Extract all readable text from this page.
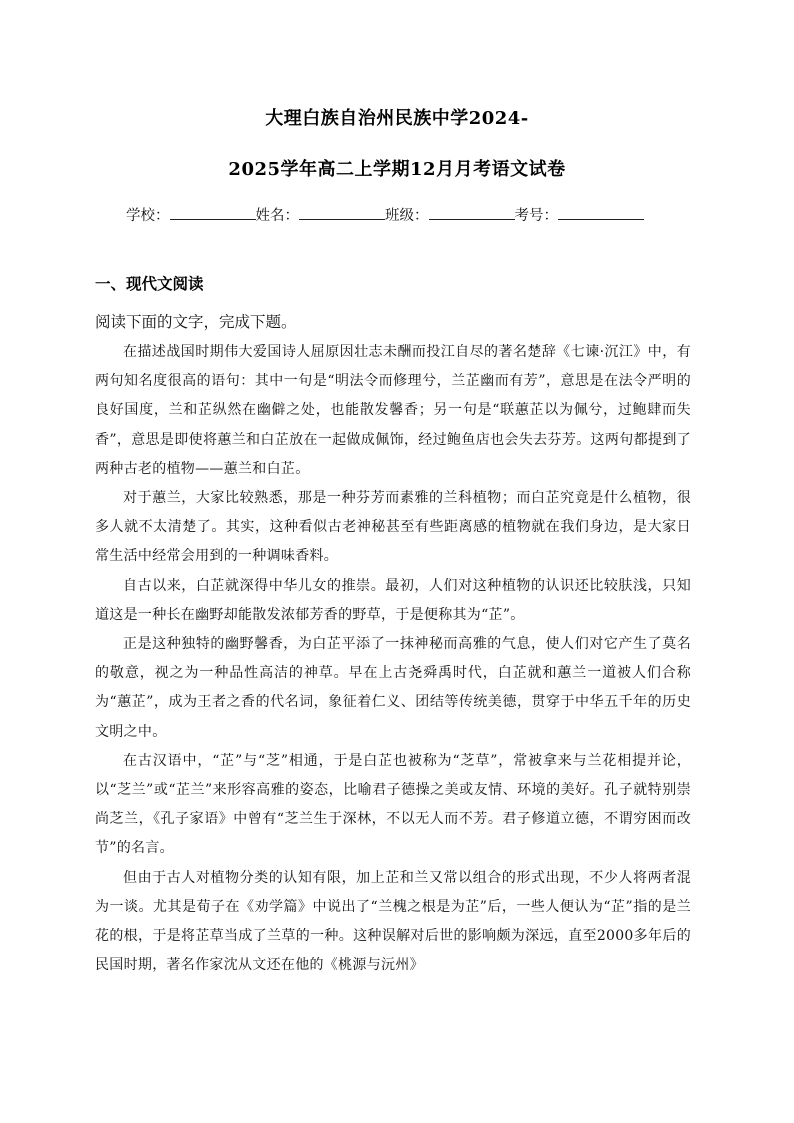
大理白族自治州民族中学2024-
2025学年高二上学期12月月考语文试卷
学校：	姓名：	班级：	考号：
一、现代文阅读
阅读下面的文字，完成下题。

在描述战国时期伟大爱国诗人屈原因壮志未酬而投江自尽的著名楚辞《七谏·沉江》中，有两句知名度很高的语句：其中一句是“明法令而修理兮，兰芷幽而有芳”，意思是在法令严明的良好国度，兰和芷纵然在幽僻之处，也能散发馨香；另一句是“联蕙芷以为佩兮，过鲍肆而失香”，意思是即使将蕙兰和白芷放在一起做成佩饰，经过鲍鱼店也会失去芬芳。这两句都提到了两种古老的植物——蕙兰和白芷。

对于蕙兰，大家比较熟悉，那是一种芬芳而素雅的兰科植物；而白芷究竟是什么植物，很多人就不太清楚了。其实，这种看似古老神秘甚至有些距离感的植物就在我们身边，是大家日常生活中经常会用到的一种调味香料。

自古以来，白芷就深得中华儿女的推崇。最初，人们对这种植物的认识还比较肤浅，只知道这是一种长在幽野却能散发浓郁芳香的野草，于是便称其为“芷”。

正是这种独特的幽野馨香，为白芷平添了一抹神秘而高雅的气息，使人们对它产生了莫名的敬意，视之为一种品性高洁的神草。早在上古尧舜禹时代，白芷就和蕙兰一道被人们合称为“蕙芷”，成为王者之香的代名词，象征着仁义、团结等传统美德，贯穿于中华五千年的历史文明之中。

在古汉语中，“芷”与“芝”相通，于是白芷也被称为“芝草”，常被拿来与兰花相提并论，以“芝兰”或“芷兰”来形容高雅的姿态，比喻君子德操之美或友情、环境的美好。孔子就特别崇尚芝兰，《孔子家语》中曾有“芝兰生于深林，不以无人而不芳。君子修道立德，不谓穷困而改节”的名言。

但由于古人对植物分类的认知有限，加上芷和兰又常以组合的形式出现，不少人将两者混为一谈。尤其是荀子在《劝学篇》中说出了“兰槐之根是为芷”后，一些人便认为“芷”指的是兰花的根，于是将芷草当成了兰草的一种。这种误解对后世的影响颇为深远，直至2000多年后的民国时期，著名作家沈从文还在他的《桃源与沅州》
